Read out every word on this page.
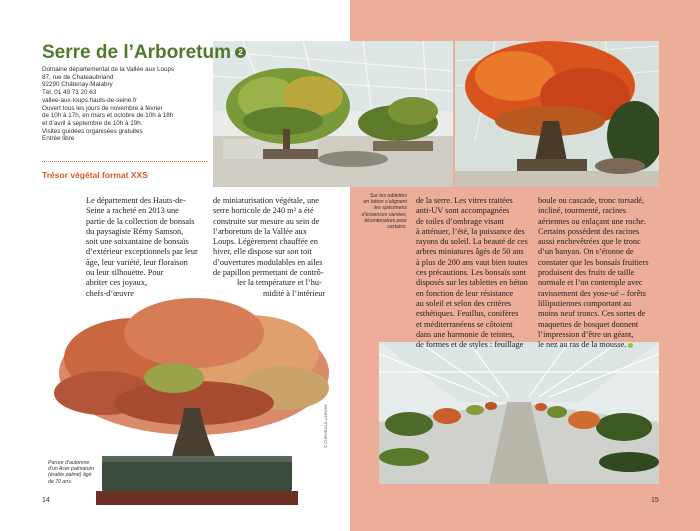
Serre de l’Arboretum 2
Domaine départemental de la Vallée aux Loups
87, rue de Chateaubriand
92290 Châtenay-Malabry
Tél. 01 49 73 20 63
vallee-aux-loups.hauts-de-seine.fr
Ouvert tous les jours de novembre à février
de 10h à 17h, en mars et octobre de 10h à 18h
et d’avril à septembre de 10h à 19h.
Visites guidées organisées gratuites
Entrée libre
Trésor végétal format XXS
Le département des Hauts-de-
Seine a racheté en 2013 une
partie de la collection de bonsaïs
du paysagiste Rémy Samson,
soit une soixantaine de bonsaïs
d’extérieur exceptionnels par leur
âge, leur variété, leur floraison
ou leur silhouette. Pour
abriter ces joyaux,
chefs-d’œuvre
de miniaturisation végétale, une
serre horticole de 240 m² a été
construite sur mesure au sein de
l’arboretum de la Vallée aux
Loups. Légèrement chauffée en
hiver, elle dispose sur son toit
d’ouvertures modulables en ailes
de papillon permettant de contrô-
ler la température et l’hu-
midité à l’intérieur
de la serre. Les vitres traitées
anti-UV sont accompagnées
de toiles d’ombrage visant
à atténuer, l’été, la puissance des
rayons du soleil. La beauté de ces
arbres miniatures âgés de 50 ans
à plus de 200 ans vaut bien toutes
ces précautions. Les bonsaïs sont
disposés sur les tablettes en béton
en fonction de leur résistance
au soleil et selon des critères
esthétiques. Feuillus, conifères
et méditerranéens se côtoient
dans une harmonie de teintes,
de formes et de styles : feuillage
boule ou cascade, tronc torsadé,
incliné, tourmenté, racines
aériennes ou enlaçant une roche.
Certains possèdent des racines
aussi enchevêtrées que le tronc
d’un banyan. On s’étonne de
constater que les bonsaïs fruitiers
produisent des fruits de taille
normale et l’on contemple avec
ravissement des yose-ué – forêts
lilliputiennes comportant au
moins neuf troncs. Ces sortes de
maquettes de bosquet donnent
l’impression d’être un géant,
le nez au ras de la mousse.
Sur les tablettes
en béton s’alignent
les spécimens
d’essences variées,
bicentenaires pour
certains.
Parure d’automne
d’un Acer palmatum
(érable palmé) âgé
de 70 ans.
© CORNEILLE LAROSE
14	15
